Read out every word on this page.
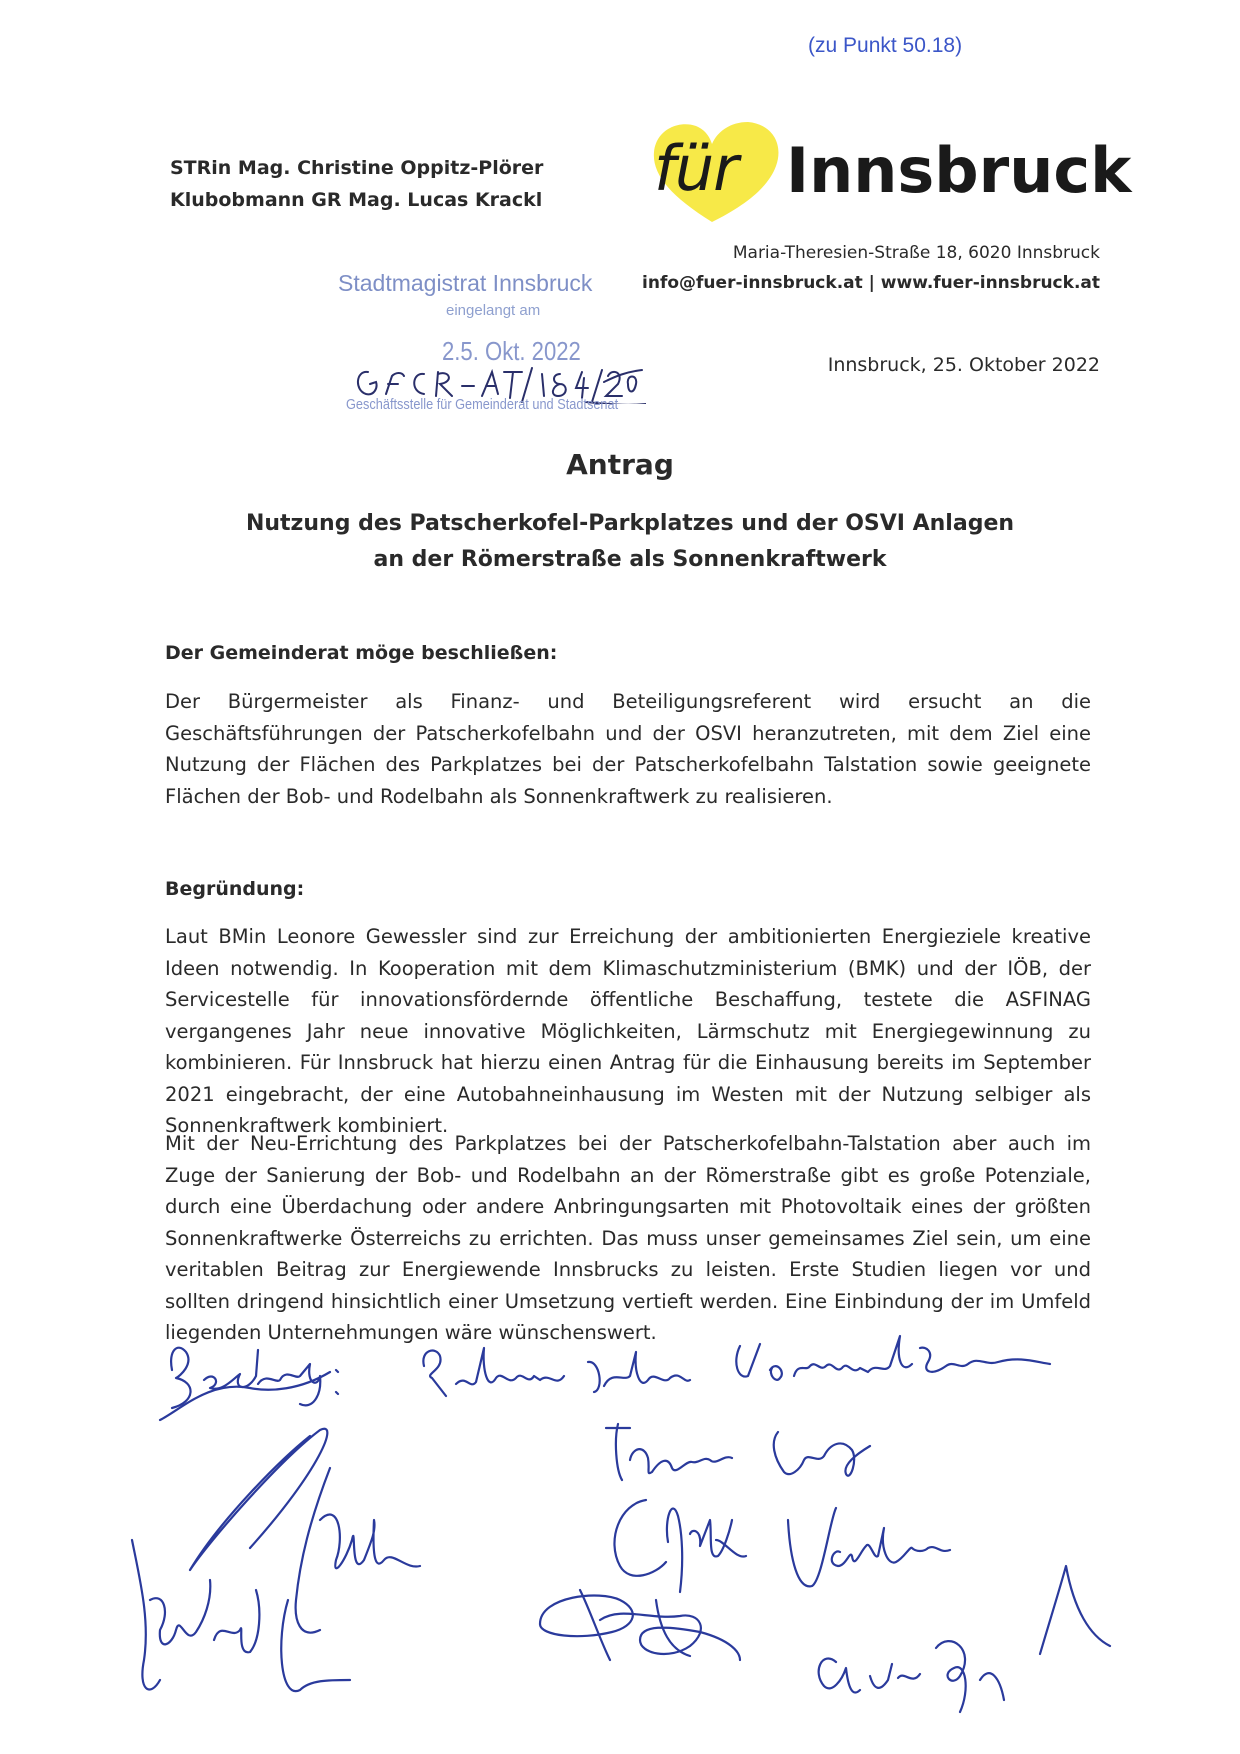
(zu Punkt 50.18)
STRin Mag. Christine Oppitz-Plörer
Klubobmann GR Mag. Lucas Krackl für Innsbruck
Maria-Theresien-Straße 18, 6020 Innsbruck
info@fuer-innsbruck.at | www.fuer-innsbruck.at
Innsbruck, 25. Oktober 2022
Stadtmagistrat Innsbruck
eingelangt am
2.5. Okt. 2022
Geschäftsstelle für Gemeinderat und Stadtsenat
Antrag
Nutzung des Patscherkofel-Parkplatzes und der OSVI Anlagen
an der Römerstraße als Sonnenkraftwerk
Der Gemeinderat möge beschließen:
Der Bürgermeister als Finanz- und Beteiligungsreferent wird ersucht an die Geschäftsführungen der Patscherkofelbahn und der OSVI heranzutreten, mit dem Ziel eine Nutzung der Flächen des Parkplatzes bei der Patscherkofelbahn Talstation sowie geeignete Flächen der Bob- und Rodelbahn als Sonnenkraftwerk zu realisieren.
Begründung:
Laut BMin Leonore Gewessler sind zur Erreichung der ambitionierten Energieziele kreative Ideen notwendig. In Kooperation mit dem Klimaschutzministerium (BMK) und der IÖB, der Servicestelle für innovationsfördernde öffentliche Beschaffung, testete die ASFINAG vergangenes Jahr neue innovative Möglichkeiten, Lärmschutz mit Energiegewinnung zu kombinieren. Für Innsbruck hat hierzu einen Antrag für die Einhausung bereits im September 2021 eingebracht, der eine Autobahneinhausung im Westen mit der Nutzung selbiger als Sonnenkraftwerk kombiniert.
Mit der Neu-Errichtung des Parkplatzes bei der Patscherkofelbahn-Talstation aber auch im Zuge der Sanierung der Bob- und Rodelbahn an der Römerstraße gibt es große Potenziale, durch eine Überdachung oder andere Anbringungsarten mit Photovoltaik eines der größten Sonnenkraftwerke Österreichs zu errichten. Das muss unser gemeinsames Ziel sein, um eine veritablen Beitrag zur Energiewende Innsbrucks zu leisten. Erste Studien liegen vor und sollten dringend hinsichtlich einer Umsetzung vertieft werden. Eine Einbindung der im Umfeld liegenden Unternehmungen wäre wünschenswert.
